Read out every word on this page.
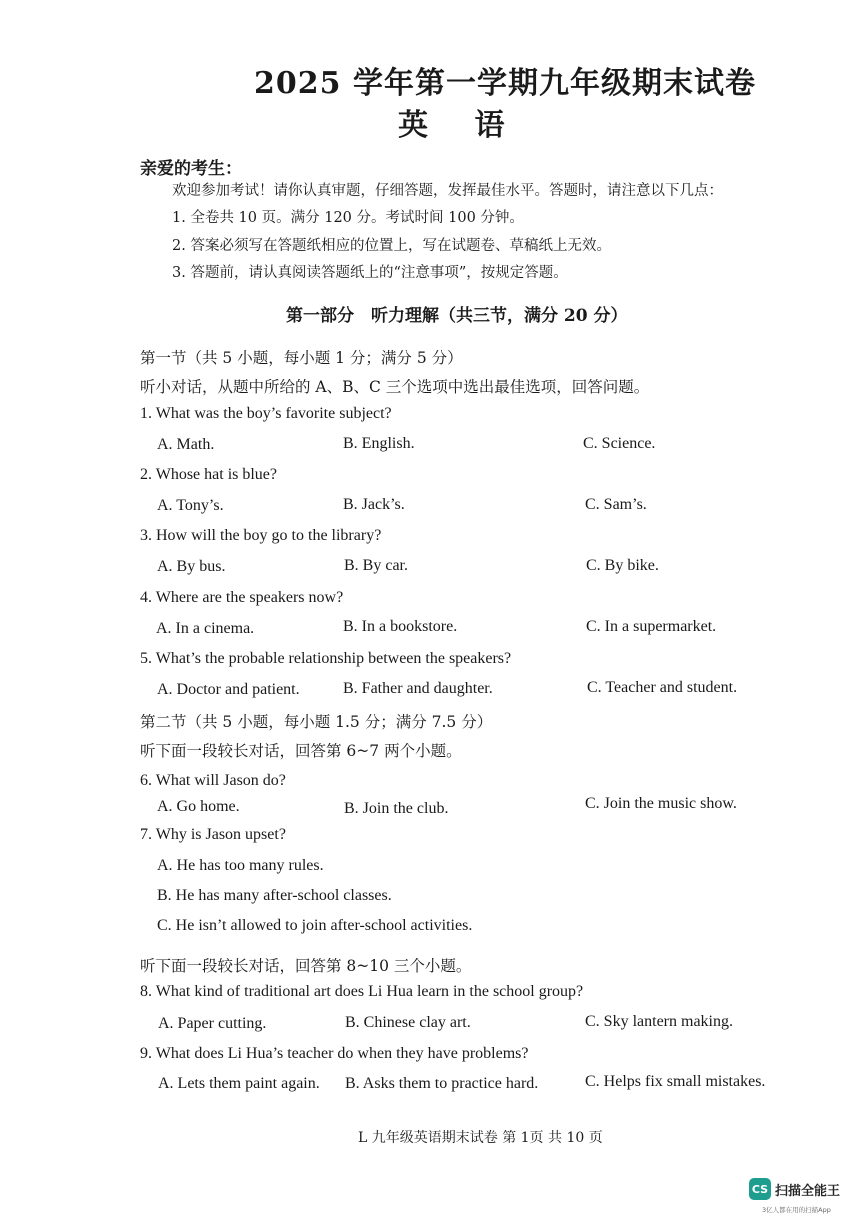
2025 学年第一学期九年级期末试卷
英 语
亲爱的考生：
欢迎参加考试！请你认真审题，仔细答题，发挥最佳水平。答题时，请注意以下几点：
1. 全卷共 10 页。满分 120 分。考试时间 100 分钟。
2. 答案必须写在答题纸相应的位置上，写在试题卷、草稿纸上无效。
3. 答题前，请认真阅读答题纸上的“注意事项”，按规定答题。
第一部分　听力理解（共三节，满分 20 分）
第一节（共 5 小题，每小题 1 分；满分 5 分）
听小对话，从题中所给的 A、B、C 三个选项中选出最佳选项，回答问题。
1. What was the boy’s favorite subject?
A. Math.	B. English.	C. Science.
2. Whose hat is blue?
A. Tony’s.	B. Jack’s.	C. Sam’s.
3. How will the boy go to the library?
A. By bus.	B. By car.	C. By bike.
4. Where are the speakers now?
A. In a cinema.	B. In a bookstore.	C. In a supermarket.
5. What’s the probable relationship between the speakers?
A. Doctor and patient.	B. Father and daughter.	C. Teacher and student.
第二节（共 5 小题，每小题 1.5 分；满分 7.5 分）
听下面一段较长对话，回答第 6~7 两个小题。
6. What will Jason do?
A. Go home.	B. Join the club.	C. Join the music show.
7. Why is Jason upset?
A. He has too many rules.
B. He has many after-school classes.
C. He isn’t allowed to join after-school activities.
听下面一段较长对话，回答第 8~10 三个小题。
8. What kind of traditional art does Li Hua learn in the school group?
A. Paper cutting.	B. Chinese clay art.	C. Sky lantern making.
9. What does Li Hua’s teacher do when they have problems?
A. Lets them paint again. B. Asks them to practice hard.	C. Helps fix small mistakes.
L 九年级英语期末试卷 第 1页 共 10 页
CS 扫描全能王
3亿人都在用的扫描App
